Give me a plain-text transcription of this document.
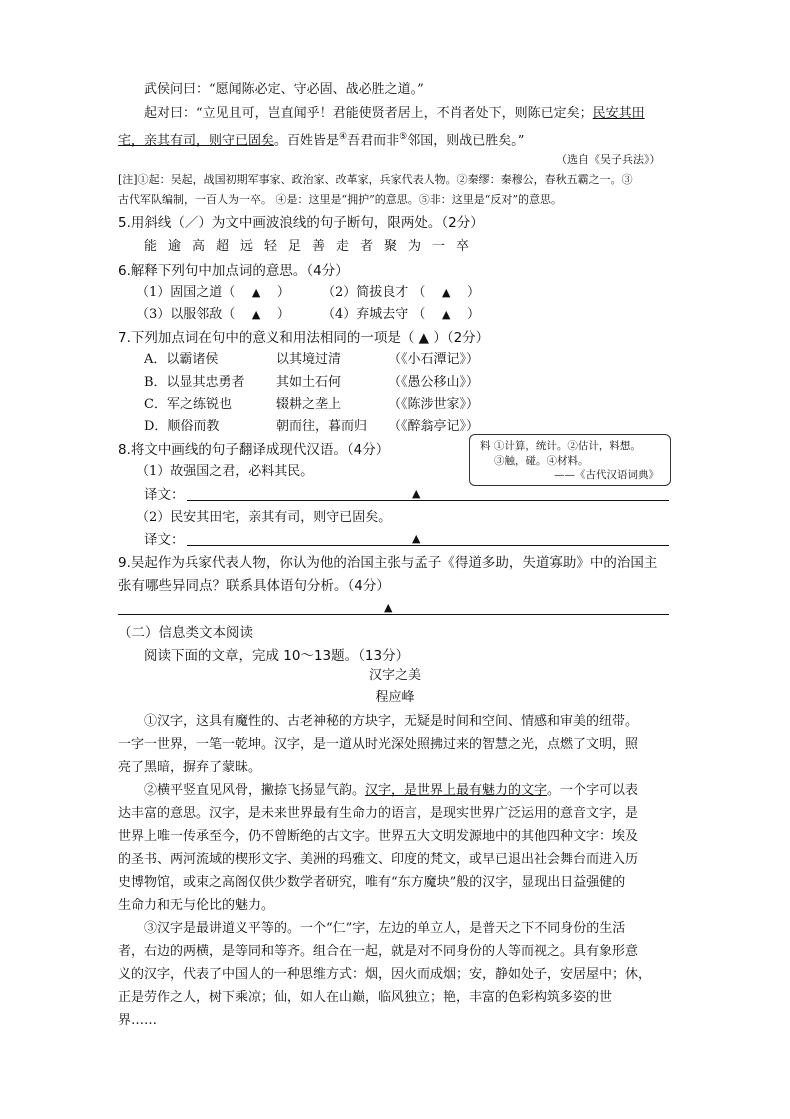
武侯问曰：“愿闻陈必定、守必固、战必胜之道。”
起对曰：“立见且可，岂直闻乎！君能使贤者居上，不肖者处下，则陈已定矣；民安其田
宅，亲其有司，则守已固矣。百姓皆是④吾君而非⑤邻国，则战已胜矣。”
（选自《吴子兵法》）
[注]①起：吴起，战国初期军事家、政治家、改革家，兵家代表人物。②秦缪：秦穆公，春秋五霸之一。③
古代军队编制，一百人为一卒。 ④是：这里是“拥护”的意思。⑤非：这里是“反对”的意思。
5.用斜线（／）为文中画波浪线的句子断句，限两处。（2分）
能逾高超远轻足善走者聚为一卒
6.解释下列句中加点词的意思。（4分）
（1）固国之道（ ▲ ） （2）简拔良才 （ ▲ ）
（3）以服邻敌（ ▲ ） （4）弃城去守 （ ▲ ）
7.下列加点词在句中的意义和用法相同的一项是（ ▲ ）（2分）
A．以霸诸侯	以其境过清	（《小石潭记》）
B．以显其忠勇者 其如土石何	（《愚公移山》）
C．军之练锐也	辍耕之垄上	（《陈涉世家》）
D．顺俗而教	朝而往，暮而归 （《醉翁亭记》）
8.将文中画线的句子翻译成现代汉语。（4分）	料 ①计算，统计。②估计，料想。
③触，碰。④材料。
——《古代汉语词典》
（1）故强国之君，必料其民。
译文：	▲
（2）民安其田宅，亲其有司，则守已固矣。
译文：	▲
9.吴起作为兵家代表人物，你认为他的治国主张与孟子《得道多助，失道寡助》中的治国主
张有哪些异同点？联系具体语句分析。（4分）
▲
（二）信息类文本阅读
阅读下面的文章，完成 10～13题。（13分）
汉字之美
程应峰
①汉字，这具有魔性的、古老神秘的方块字，无疑是时间和空间、情感和审美的纽带。
一字一世界，一笔一乾坤。汉字，是一道从时光深处照拂过来的智慧之光，点燃了文明，照
亮了黑暗，摒弃了蒙昧。
②横平竖直见风骨，撇捺飞扬显气韵。汉字，是世界上最有魅力的文字。一个字可以表
达丰富的意思。汉字，是未来世界最有生命力的语言，是现实世界广泛运用的意音文字，是
世界上唯一传承至今，仍不曾断绝的古文字。世界五大文明发源地中的其他四种文字：埃及
的圣书、两河流域的楔形文字、美洲的玛雅文、印度的梵文，或早已退出社会舞台而进入历
史博物馆，或束之高阁仅供少数学者研究，唯有“东方魔块”般的汉字，显现出日益强健的
生命力和无与伦比的魅力。
③汉字是最讲道义平等的。一个“仁”字，左边的单立人，是普天之下不同身份的生活
者，右边的两横，是等同和等齐。组合在一起，就是对不同身份的人等而视之。具有象形意
义的汉字，代表了中国人的一种思维方式：烟，因火而成烟；安，静如处子，安居屋中；休，
正是劳作之人，树下乘凉；仙，如人在山巅，临风独立；艳，丰富的色彩构筑多姿的世
界……
